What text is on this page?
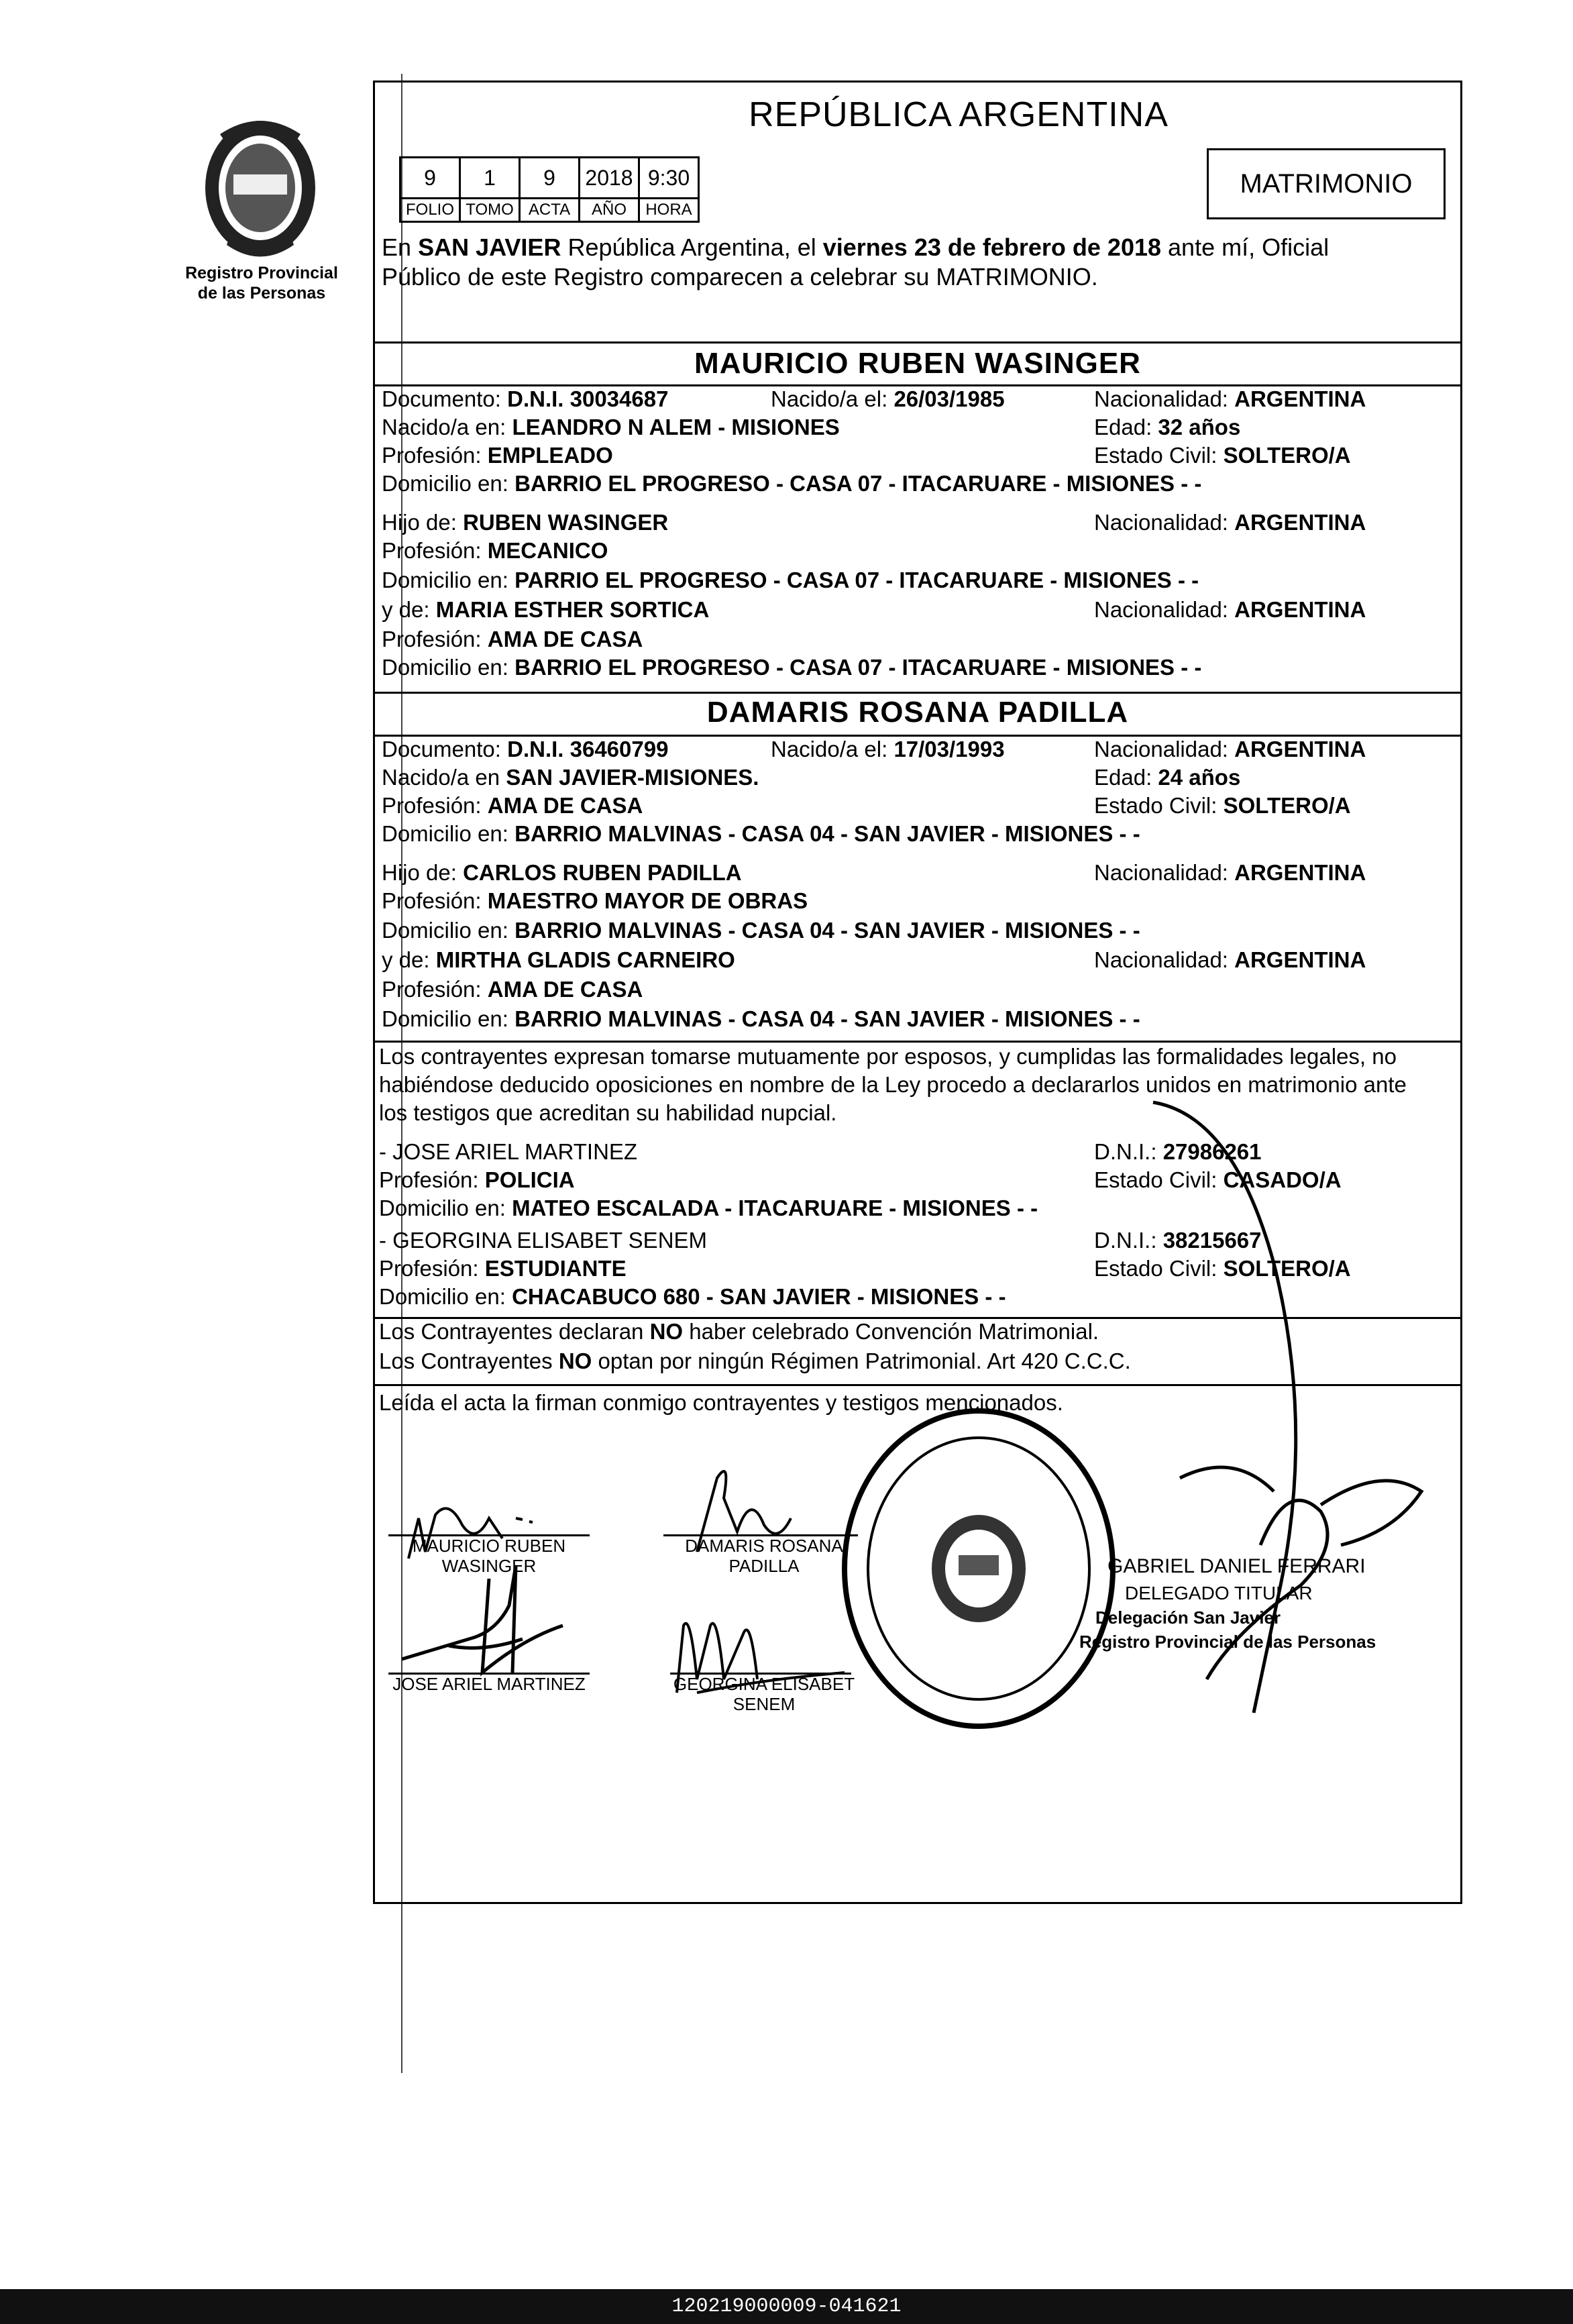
Registro Provincial
de las Personas
REPÚBLICA ARGENTINA
MATRIMONIO
9	1	9	2018	9:30
FOLIO	TOMO	ACTA	AÑO	HORA
En SAN JAVIER República Argentina, el viernes 23 de febrero de 2018 ante mí, Oficial
Público de este Registro comparecen a celebrar su MATRIMONIO.
MAURICIO RUBEN WASINGER
Documento: D.N.I. 30034687	Nacido/a el: 26/03/1985	Nacionalidad: ARGENTINA
Nacido/a en: LEANDRO N ALEM - MISIONES	Edad: 32 años
Profesión: EMPLEADO	Estado Civil: SOLTERO/A
Domicilio en: BARRIO EL PROGRESO - CASA 07 - ITACARUARE - MISIONES - -
Hijo de: RUBEN WASINGER	Nacionalidad: ARGENTINA
Profesión: MECANICO
Domicilio en: PARRIO EL PROGRESO - CASA 07 - ITACARUARE - MISIONES - -
y de: MARIA ESTHER SORTICA	Nacionalidad: ARGENTINA
Profesión: AMA DE CASA
Domicilio en: BARRIO EL PROGRESO - CASA 07 - ITACARUARE - MISIONES - -
DAMARIS ROSANA PADILLA
Documento: D.N.I. 36460799	Nacido/a el: 17/03/1993	Nacionalidad: ARGENTINA
Nacido/a en SAN JAVIER-MISIONES.	Edad: 24 años
Profesión: AMA DE CASA	Estado Civil: SOLTERO/A
Domicilio en: BARRIO MALVINAS - CASA 04 - SAN JAVIER - MISIONES - -
Hijo de: CARLOS RUBEN PADILLA	Nacionalidad: ARGENTINA
Profesión: MAESTRO MAYOR DE OBRAS
Domicilio en: BARRIO MALVINAS - CASA 04 - SAN JAVIER - MISIONES - -
y de: MIRTHA GLADIS CARNEIRO	Nacionalidad: ARGENTINA
Profesión: AMA DE CASA
Domicilio en: BARRIO MALVINAS - CASA 04 - SAN JAVIER - MISIONES - -
Los contrayentes expresan tomarse mutuamente por esposos, y cumplidas las formalidades legales, no
habiéndose deducido oposiciones en nombre de la Ley procedo a declararlos unidos en matrimonio ante
los testigos que acreditan su habilidad nupcial.
- JOSE ARIEL MARTINEZ	D.N.I.: 27986261
Profesión: POLICIA	Estado Civil: CASADO/A
Domicilio en: MATEO ESCALADA - ITACARUARE - MISIONES - -
- GEORGINA ELISABET SENEM	D.N.I.: 38215667
Profesión: ESTUDIANTE	Estado Civil: SOLTERO/A
Domicilio en: CHACABUCO 680 - SAN JAVIER - MISIONES - -
Los Contrayentes declaran NO haber celebrado Convención Matrimonial.
Los Contrayentes NO optan por ningún Régimen Patrimonial. Art 420 C.C.C.
Leída el acta la firman conmigo contrayentes y testigos mencionados.
MAURICIO RUBEN
WASINGER
DAMARIS ROSANA
PADILLA
JOSE ARIEL MARTINEZ	GEORGINA ELISABET
SENEM
GABRIEL DANIEL FERRARI
DELEGADO TITULAR
Delegación San Javier
Registro Provincial de las Personas
120219000009-041621
